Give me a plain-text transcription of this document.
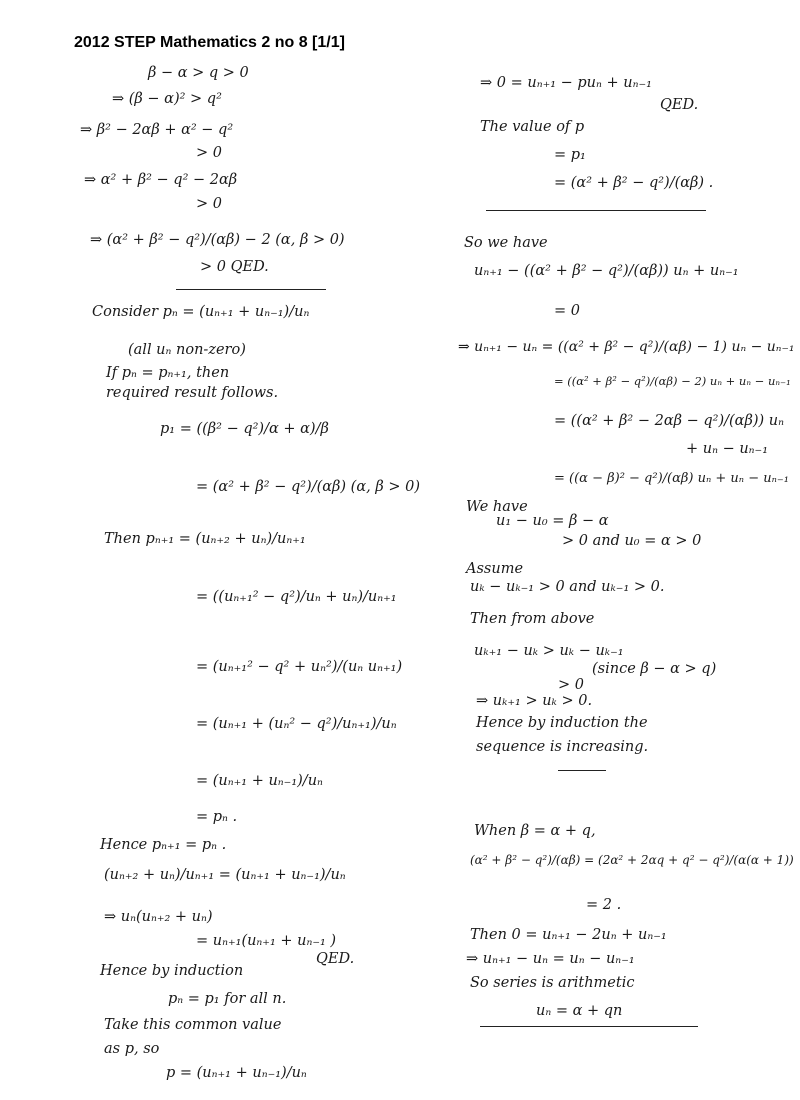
2012 STEP Mathematics 2 no 8 [1/1]
β − α > q > 0
⇒ (β − α)² > q²
⇒ β² − 2αβ + α² − q²
> 0
⇒ α² + β² − q² − 2αβ
> 0
⇒ (α² + β² − q²)/(αβ) − 2 (α, β > 0)
> 0 QED.
Consider pₙ = (uₙ₊₁ + uₙ₋₁)/uₙ
(all uₙ non-zero)
If pₙ = pₙ₊₁, then
required result follows.
p₁ = ((β² − q²)/α + α)/β
= (α² + β² − q²)/(αβ) (α, β > 0)
Then pₙ₊₁ = (uₙ₊₂ + uₙ)/uₙ₊₁
= ((uₙ₊₁² − q²)/uₙ + uₙ)/uₙ₊₁
= (uₙ₊₁² − q² + uₙ²)/(uₙ uₙ₊₁)
= (uₙ₊₁ + (uₙ² − q²)/uₙ₊₁)/uₙ
= (uₙ₊₁ + uₙ₋₁)/uₙ
= pₙ .
Hence pₙ₊₁ = pₙ .
(uₙ₊₂ + uₙ)/uₙ₊₁ = (uₙ₊₁ + uₙ₋₁)/uₙ
⇒ uₙ(uₙ₊₂ + uₙ)
= uₙ₊₁(uₙ₊₁ + uₙ₋₁ )
QED.
Hence by induction
pₙ = p₁ for all n.
Take this common value
as p, so
p = (uₙ₊₁ + uₙ₋₁)/uₙ
⇒ 0 = uₙ₊₁ − puₙ + uₙ₋₁
QED.
The value of p
= p₁
= (α² + β² − q²)/(αβ) .
So we have
uₙ₊₁ − ((α² + β² − q²)/(αβ)) uₙ + uₙ₋₁
= 0
⇒ uₙ₊₁ − uₙ = ((α² + β² − q²)/(αβ) − 1) uₙ − uₙ₋₁
= ((α² + β² − q²)/(αβ) − 2) uₙ + uₙ − uₙ₋₁
= ((α² + β² − 2αβ − q²)/(αβ)) uₙ
+ uₙ − uₙ₋₁
= ((α − β)² − q²)/(αβ) uₙ + uₙ − uₙ₋₁
We have
u₁ − u₀ = β − α
> 0 and u₀ = α > 0
Assume
uₖ − uₖ₋₁ > 0 and uₖ₋₁ > 0.
Then from above
uₖ₊₁ − uₖ > uₖ − uₖ₋₁
(since β − α > q)
> 0
⇒ uₖ₊₁ > uₖ > 0.
Hence by induction the
sequence is increasing.
When β = α + q,
(α² + β² − q²)/(αβ) = (2α² + 2αq + q² − q²)/(α(α + 1))
= 2 .
Then 0 = uₙ₊₁ − 2uₙ + uₙ₋₁
⇒ uₙ₊₁ − uₙ = uₙ − uₙ₋₁
So series is arithmetic
uₙ = α + qn
